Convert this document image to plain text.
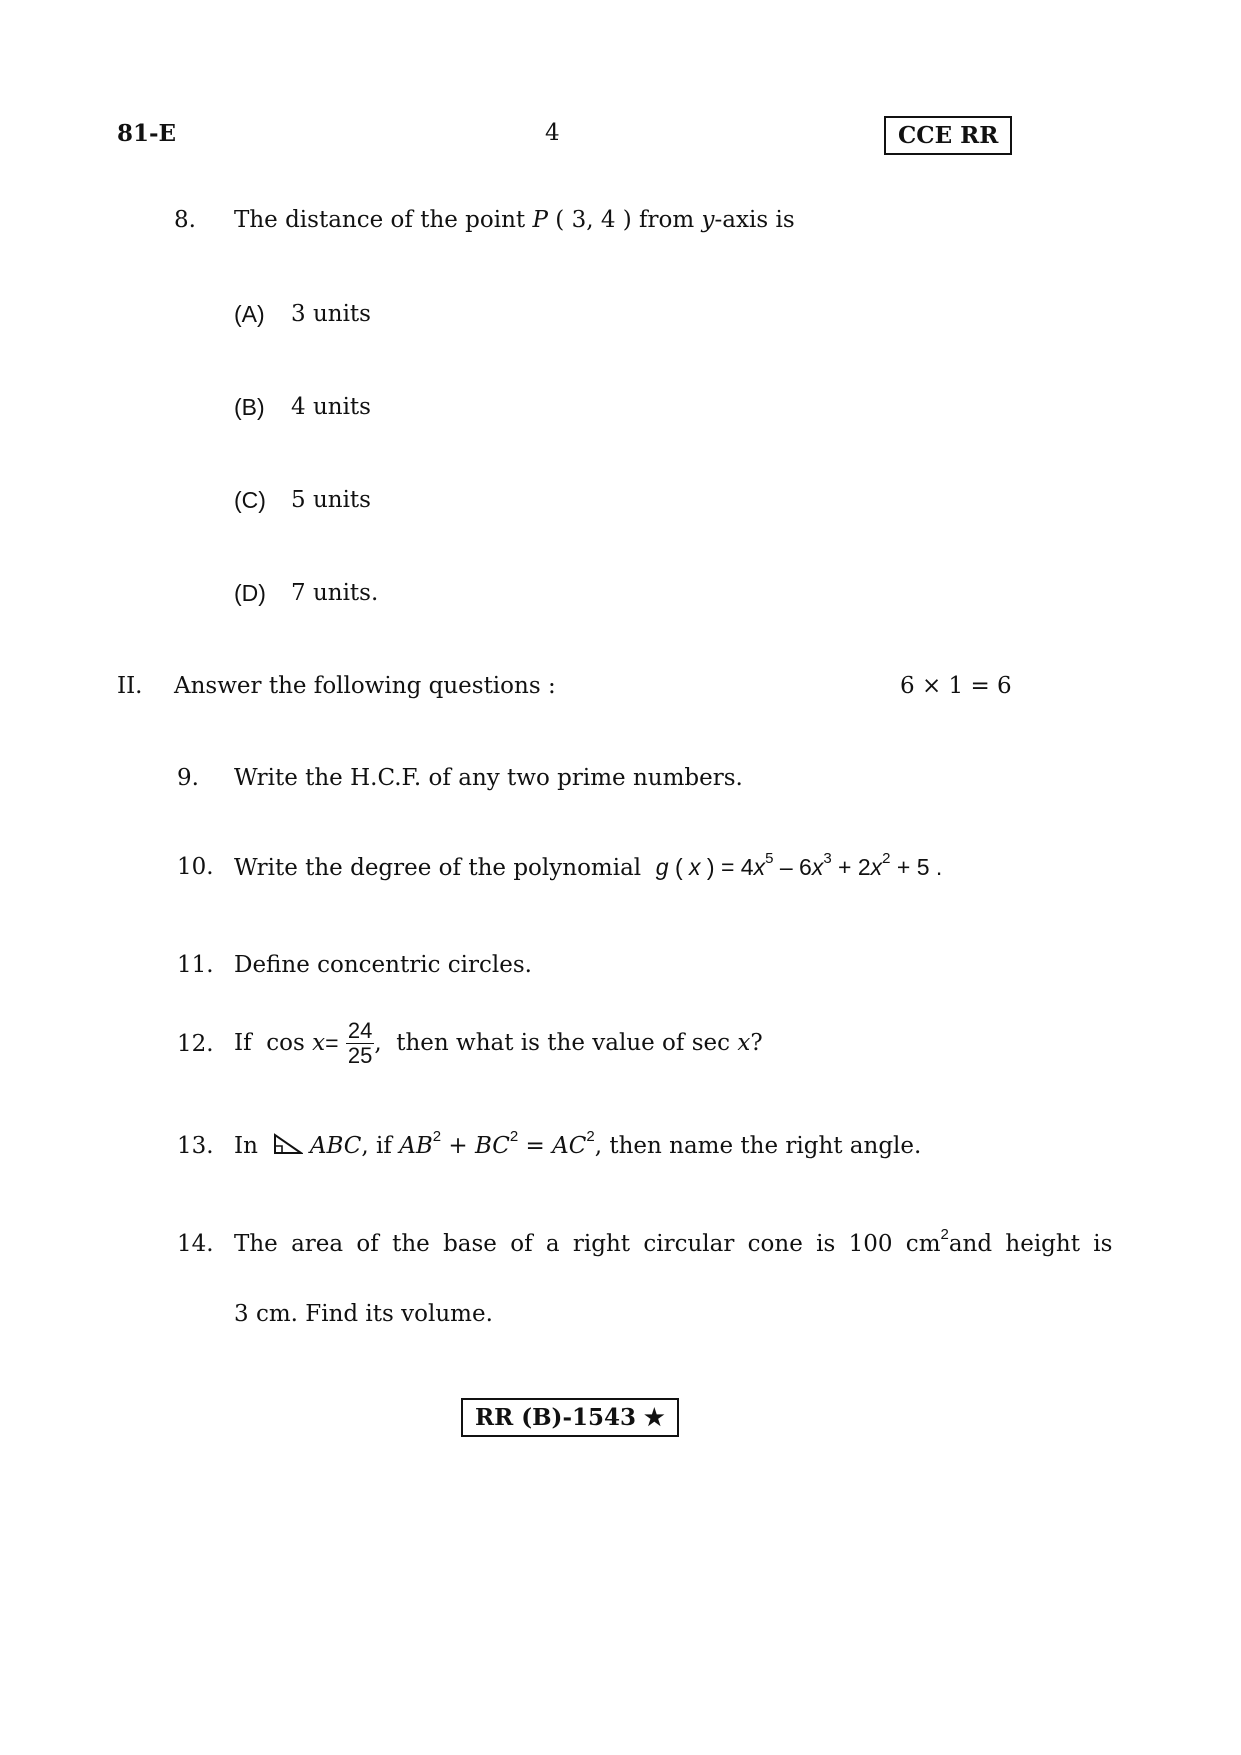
81-E	4	CCE RR
8. The distance of the point P ( 3, 4 ) from y-axis is
(A) 3 units
(B) 4 units
(C) 5 units
(D) 7 units.
II. Answer the following questions :	6 × 1 = 6
9. Write the H.C.F. of any two prime numbers.
10. Write the degree of the polynomial g ( x ) = $4x^5 - 6x^3 + 2x^2 + 5$ .
11. Define concentric circles.
12. If
cos
x =
$\frac{24}{25}$ ,
then what is the value of sec
x ?
13. In ABC, if $AB^2 + BC^2 = AC^2$, then name the right angle.
14. The area of the base of a right circular cone is 100 $cm^2$ and height is
3 cm. Find its volume.
RR (B)-1543 ★
